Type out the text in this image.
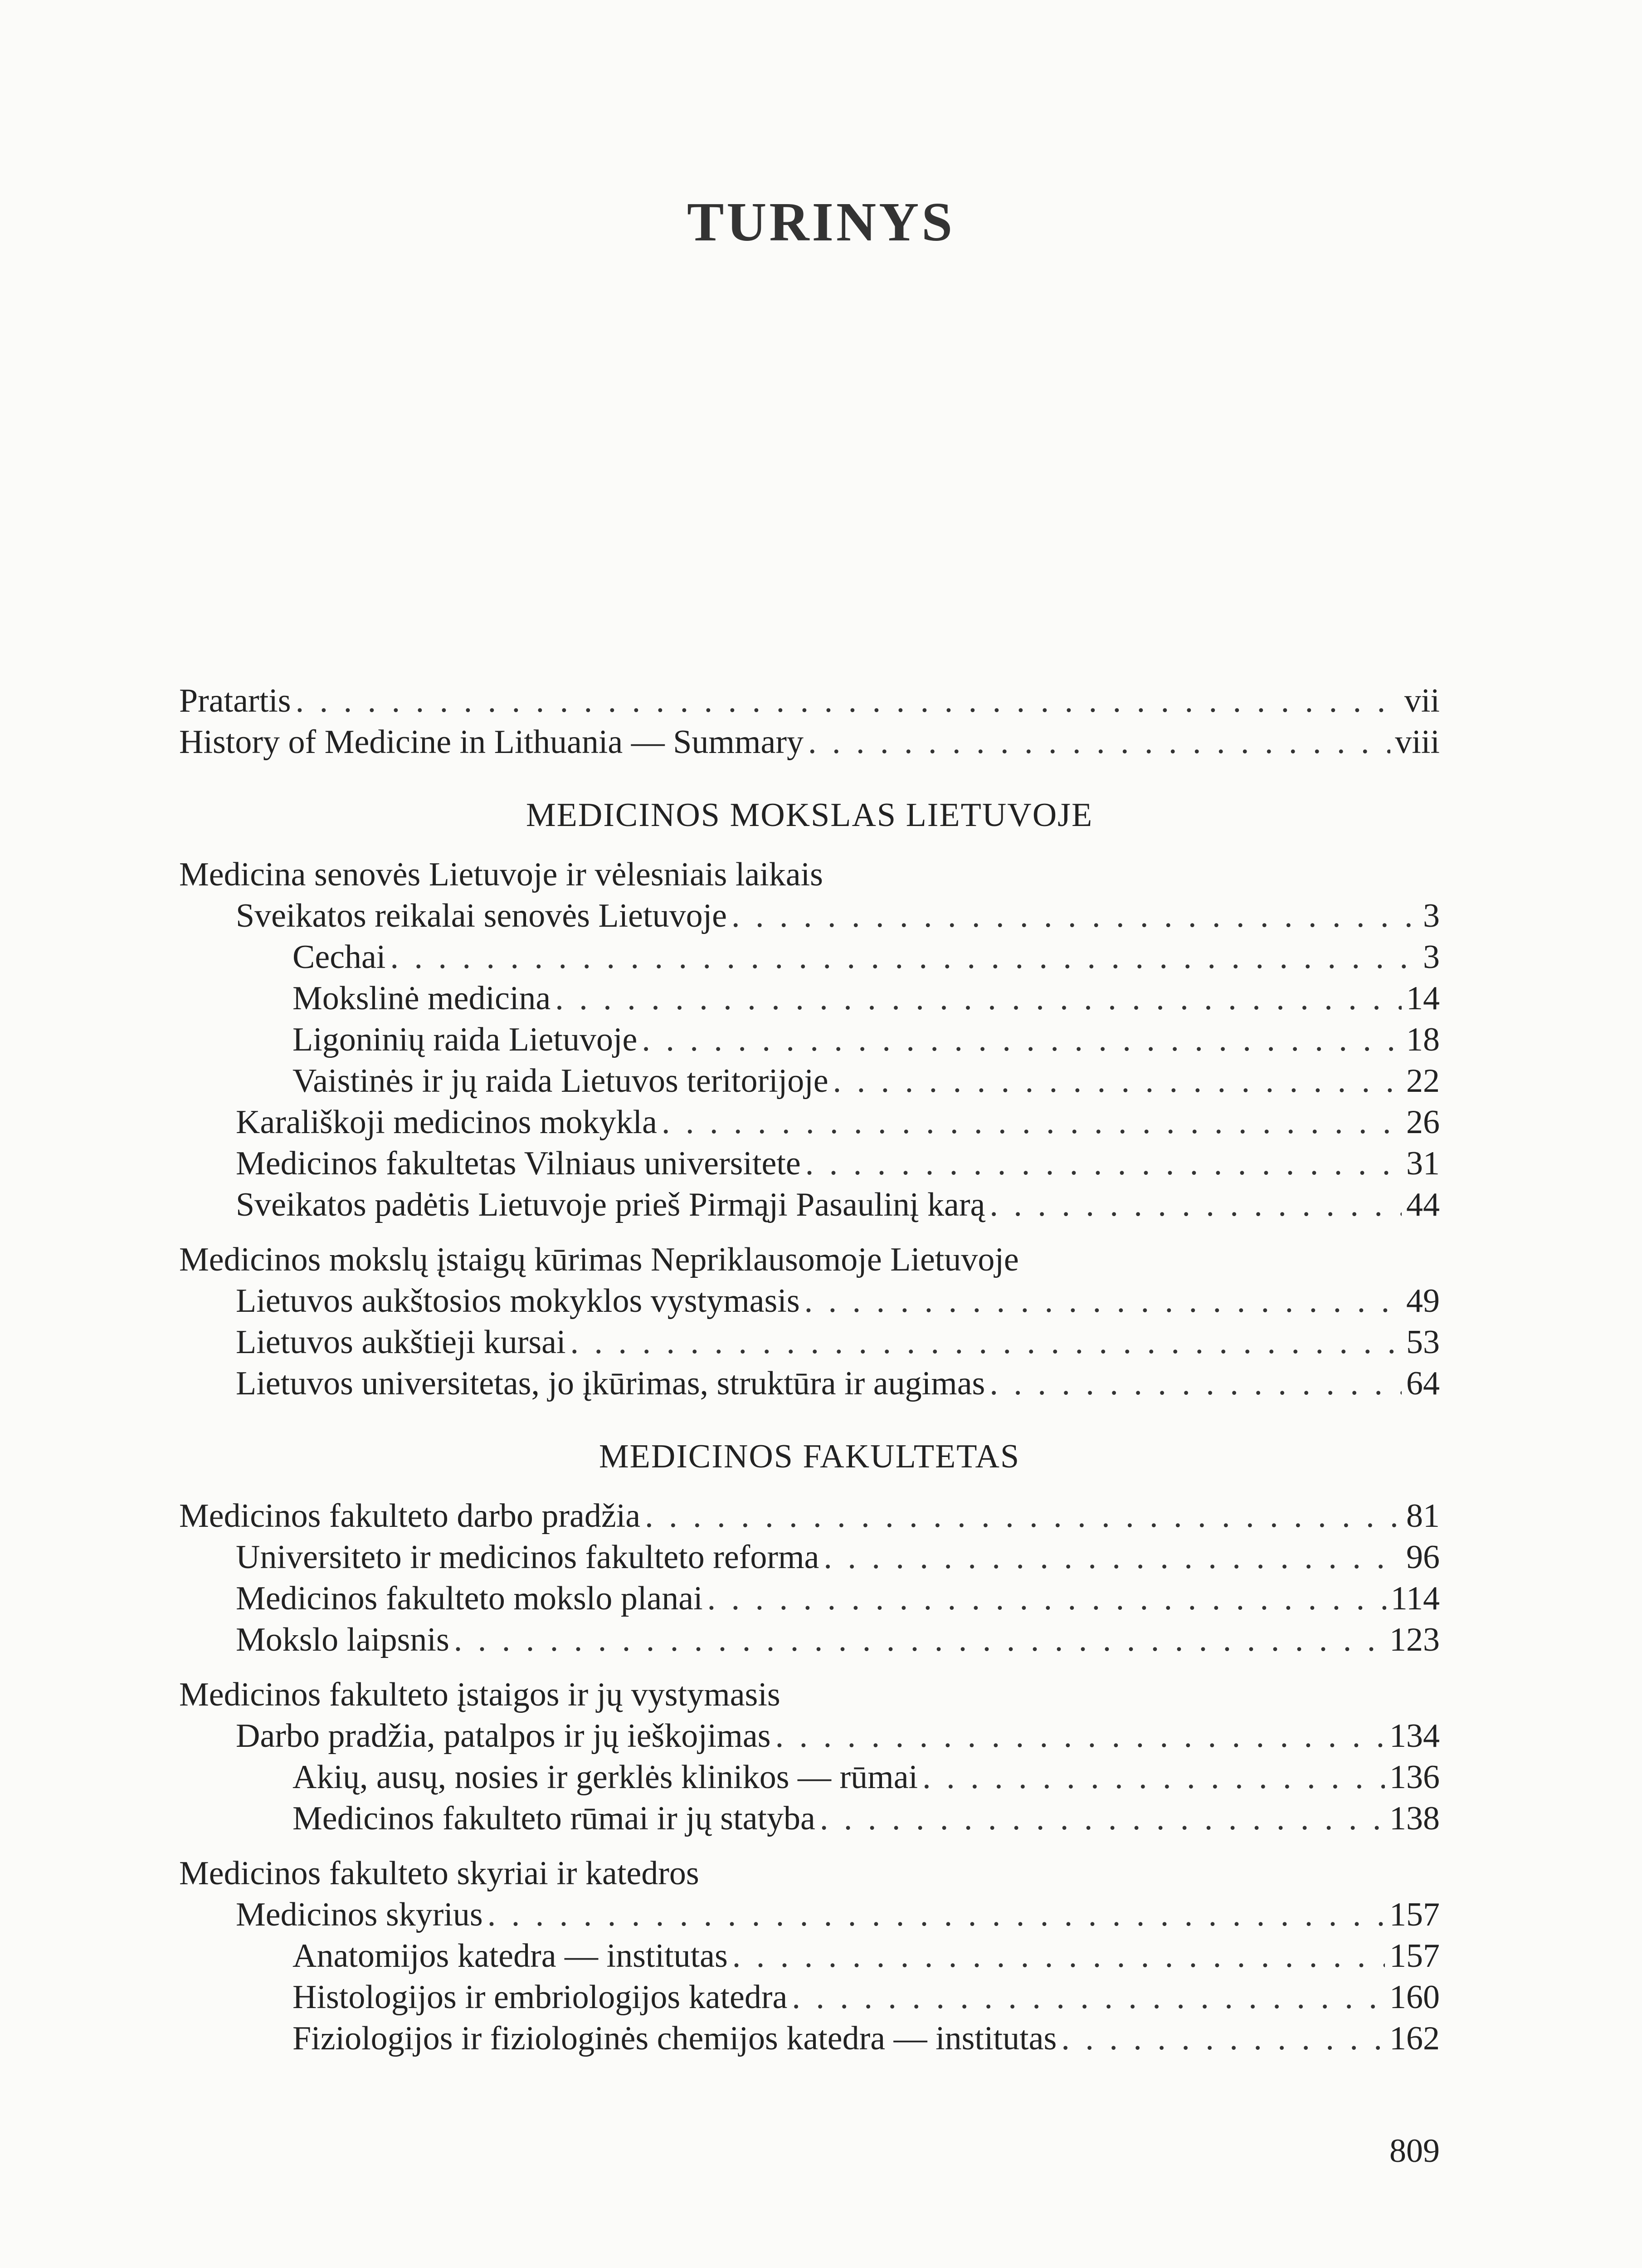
TURINYS
Pratartis . . .	vii
History of Medicine in Lithuania — Summary . . .	viii
MEDICINOS MOKSLAS LIETUVOJE
Medicina senovės Lietuvoje ir vėlesniais laikais
Sveikatos reikalai senovės Lietuvoje . . .	3
Cechai . . .	3
Mokslinė medicina . . .	14
Ligoninių raida Lietuvoje . . .	18
Vaistinės ir jų raida Lietuvos teritorijoje . . .	22
Karališkoji medicinos mokykla . . .	26
Medicinos fakultetas Vilniaus universitete . . .	31
Sveikatos padėtis Lietuvoje prieš Pirmąji Pasaulinį karą . . .	44
Medicinos mokslų įstaigų kūrimas Nepriklausomoje Lietuvoje
Lietuvos aukštosios mokyklos vystymasis . . .	49
Lietuvos aukštieji kursai . . .	53
Lietuvos universitetas, jo įkūrimas, struktūra ir augimas . . .	64
MEDICINOS FAKULTETAS
Medicinos fakulteto darbo pradžia . . .	81
Universiteto ir medicinos fakulteto reforma . . .	96
Medicinos fakulteto mokslo planai . . .	114
Mokslo laipsnis . . .	123
Medicinos fakulteto įstaigos ir jų vystymasis
Darbo pradžia, patalpos ir jų ieškojimas . . .	134
Akių, ausų, nosies ir gerklės klinikos — rūmai . . .	136
Medicinos fakulteto rūmai ir jų statyba . . .	138
Medicinos fakulteto skyriai ir katedros
Medicinos skyrius . . .	157
Anatomijos katedra — institutas . . .	157
Histologijos ir embriologijos katedra . . .	160
Fiziologijos ir fiziologinės chemijos katedra — institutas . . .	162
809
